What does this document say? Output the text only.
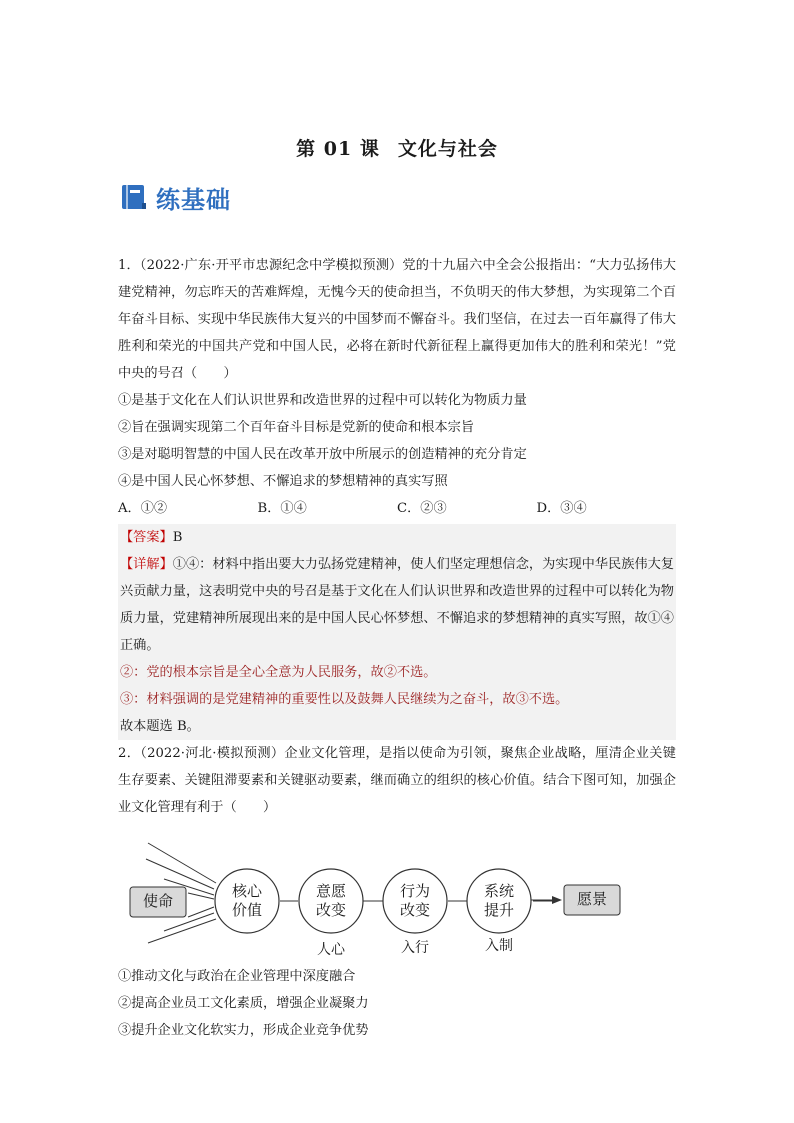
第 01 课 文化与社会
练基础

1．（2022·广东·开平市忠源纪念中学模拟预测）党的十九届六中全会公报指出：“大力弘扬伟大建党精神，勿忘昨天的苦难辉煌，无愧今天的使命担当，不负明天的伟大梦想，为实现第二个百年奋斗目标、实现中华民族伟大复兴的中国梦而不懈奋斗。我们坚信，在过去一百年赢得了伟大胜利和荣光的中国共产党和中国人民，必将在新时代新征程上赢得更加伟大的胜利和荣光！”党中央的号召（　　）

①是基于文化在人们认识世界和改造世界的过程中可以转化为物质力量

②旨在强调实现第二个百年奋斗目标是党新的使命和根本宗旨

③是对聪明智慧的中国人民在改革开放中所展示的创造精神的充分肯定

④是中国人民心怀梦想、不懈追求的梦想精神的真实写照

A．①②	B．①④	C．②③	D．③④

【答案】B

【详解】①④：材料中指出要大力弘扬党建精神，使人们坚定理想信念，为实现中华民族伟大复兴贡献力量，这表明党中央的号召是基于文化在人们认识世界和改造世界的过程中可以转化为物质力量，党建精神所展现出来的是中国人民心怀梦想、不懈追求的梦想精神的真实写照，故①④正确。

②：党的根本宗旨是全心全意为人民服务，故②不选。

③：材料强调的是党建精神的重要性以及鼓舞人民继续为之奋斗，故③不选。

故本题选 B。

2．（2022·河北·模拟预测）企业文化管理，是指以使命为引领，聚焦企业战略，厘清企业关键生存要素、关键阻滞要素和关键驱动要素，继而确立的组织的核心价值。结合下图可知，加强企业文化管理有利于（　　）

使命
核心
价值
意愿
改变
行为
改变
系统
提升
人心	入行	入制
愿景

①推动文化与政治在企业管理中深度融合

②提高企业员工文化素质，增强企业凝聚力

③提升企业文化软实力，形成企业竞争优势
